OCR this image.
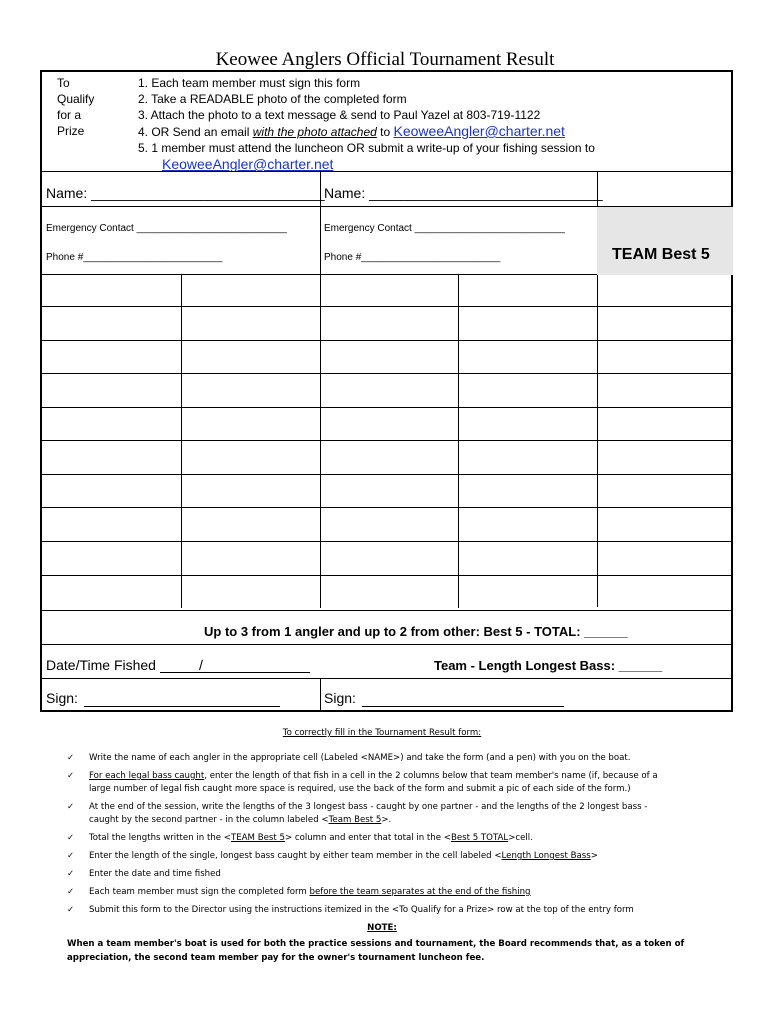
Keowee Anglers Official Tournament Result
To
Qualify
for a
Prize
1. Each team member must sign this form
2. Take a READABLE photo of the completed form
3. Attach the photo to a text message & send to Paul Yazel at 803-719-1122
4. OR Send an email with the photo attached to KeoweeAngler@charter.net
5. 1 member must attend the luncheon OR submit a write-up of your fishing session to
KeoweeAngler@charter.net
Name: ______________________________ Name: ______________________________
Emergency Contact ___________________________	Emergency Contact ___________________________
Phone #_________________________	Phone #_________________________	TEAM Best 5
Up to 3 from 1 angler and up to 2 from other: Best 5 - TOTAL: ______
Date/Time Fished	/	Team - Length Longest Bass: ______
Sign:	Sign:
To correctly fill in the Tournament Result form:
✓ Write the name of each angler in the appropriate cell (Labeled <NAME>) and take the form (and a pen) with you on the boat.
✓ For each legal bass caught, enter the length of that fish in a cell in the 2 columns below that team member's name (if, because of a
large number of legal fish caught more space is required, use the back of the form and submit a pic of each side of the form.)
✓ At the end of the session, write the lengths of the 3 longest bass - caught by one partner - and the lengths of the 2 longest bass -
caught by the second partner - in the column labeled <Team Best 5>.
✓ Total the lengths written in the <TEAM Best 5> column and enter that total in the <Best 5 TOTAL>cell.
✓ Enter the length of the single, longest bass caught by either team member in the cell labeled <Length Longest Bass>
✓ Enter the date and time fished
✓ Each team member must sign the completed form before the team separates at the end of the fishing
✓ Submit this form to the Director using the instructions itemized in the <To Qualify for a Prize> row at the top of the entry form
NOTE:
When a team member's boat is used for both the practice sessions and tournament, the Board recommends that, as a token of
appreciation, the second team member pay for the owner's tournament luncheon fee.
